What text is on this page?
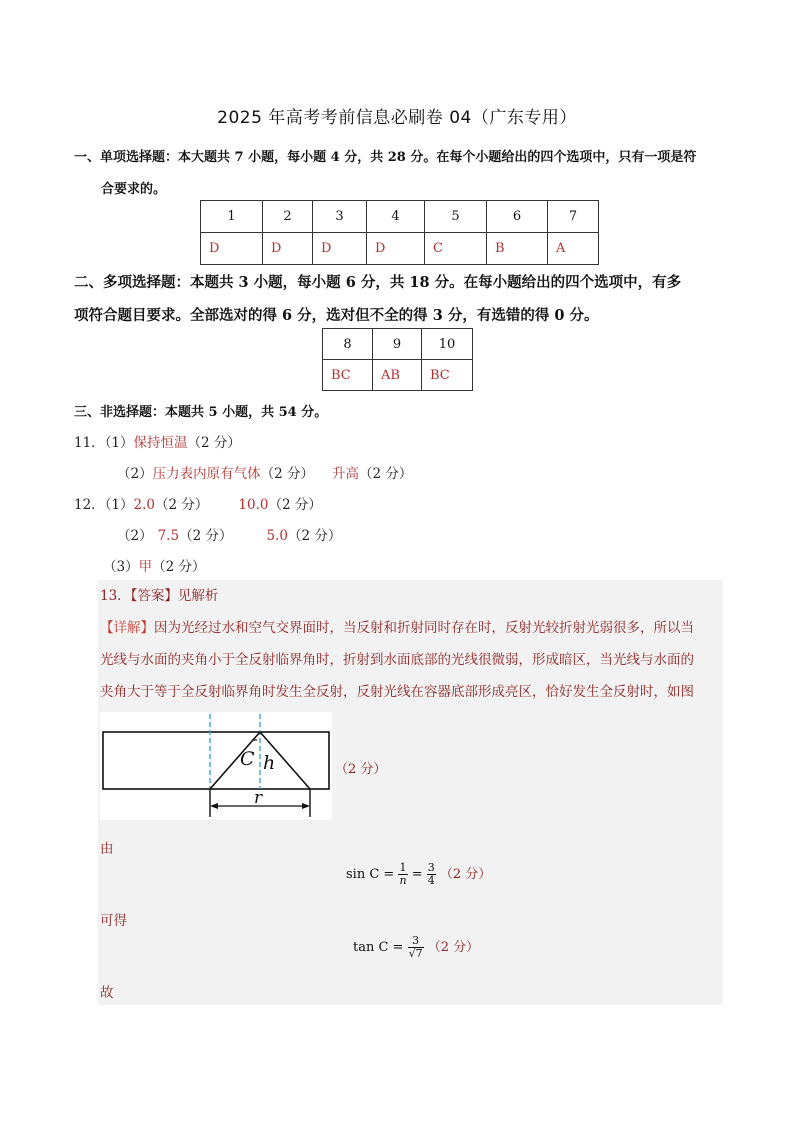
2025 年高考考前信息必刷卷 04（广东专用）
一、单项选择题：本大题共 7 小题，每小题 4 分，共 28 分。在每个小题给出的四个选项中，只有一项是符
合要求的。
1	2	3	4	5	6	7
D	D	D	D	C	B	A
二、多项选择题：本题共 3 小题，每小题 6 分，共 18 分。在每小题给出的四个选项中，有多
项符合题目要求。全部选对的得 6 分，选对但不全的得 3 分，有选错的得 0 分。
8	9	10
BC	AB	BC
三、非选择题：本题共 5 小题，共 54 分。
11．（1）保持恒温（2 分）
（2）压力表内原有气体（2 分） 升高（2 分）
12．（1）2.0（2 分） 10.0（2 分）
（2） 7.5（2 分）	5.0（2 分）
（3）甲（2 分）
13．【答案】见解析
【详解】因为光经过水和空气交界面时，当反射和折射同时存在时，反射光较折射光弱很多，所以当
光线与水面的夹角小于全反射临界角时，折射到水面底部的光线很微弱，形成暗区，当光线与水面的
夹角大于等于全反射临界角时发生全反射，反射光线在容器底部形成亮区，恰好发生全反射时，如图
C h
r
（2 分）
由
$\sin C = \frac{1}{n} = \frac{3}{4} (2$ 分）
可得
$\tan C = \frac{3}{√7} (2$ 分）
故
